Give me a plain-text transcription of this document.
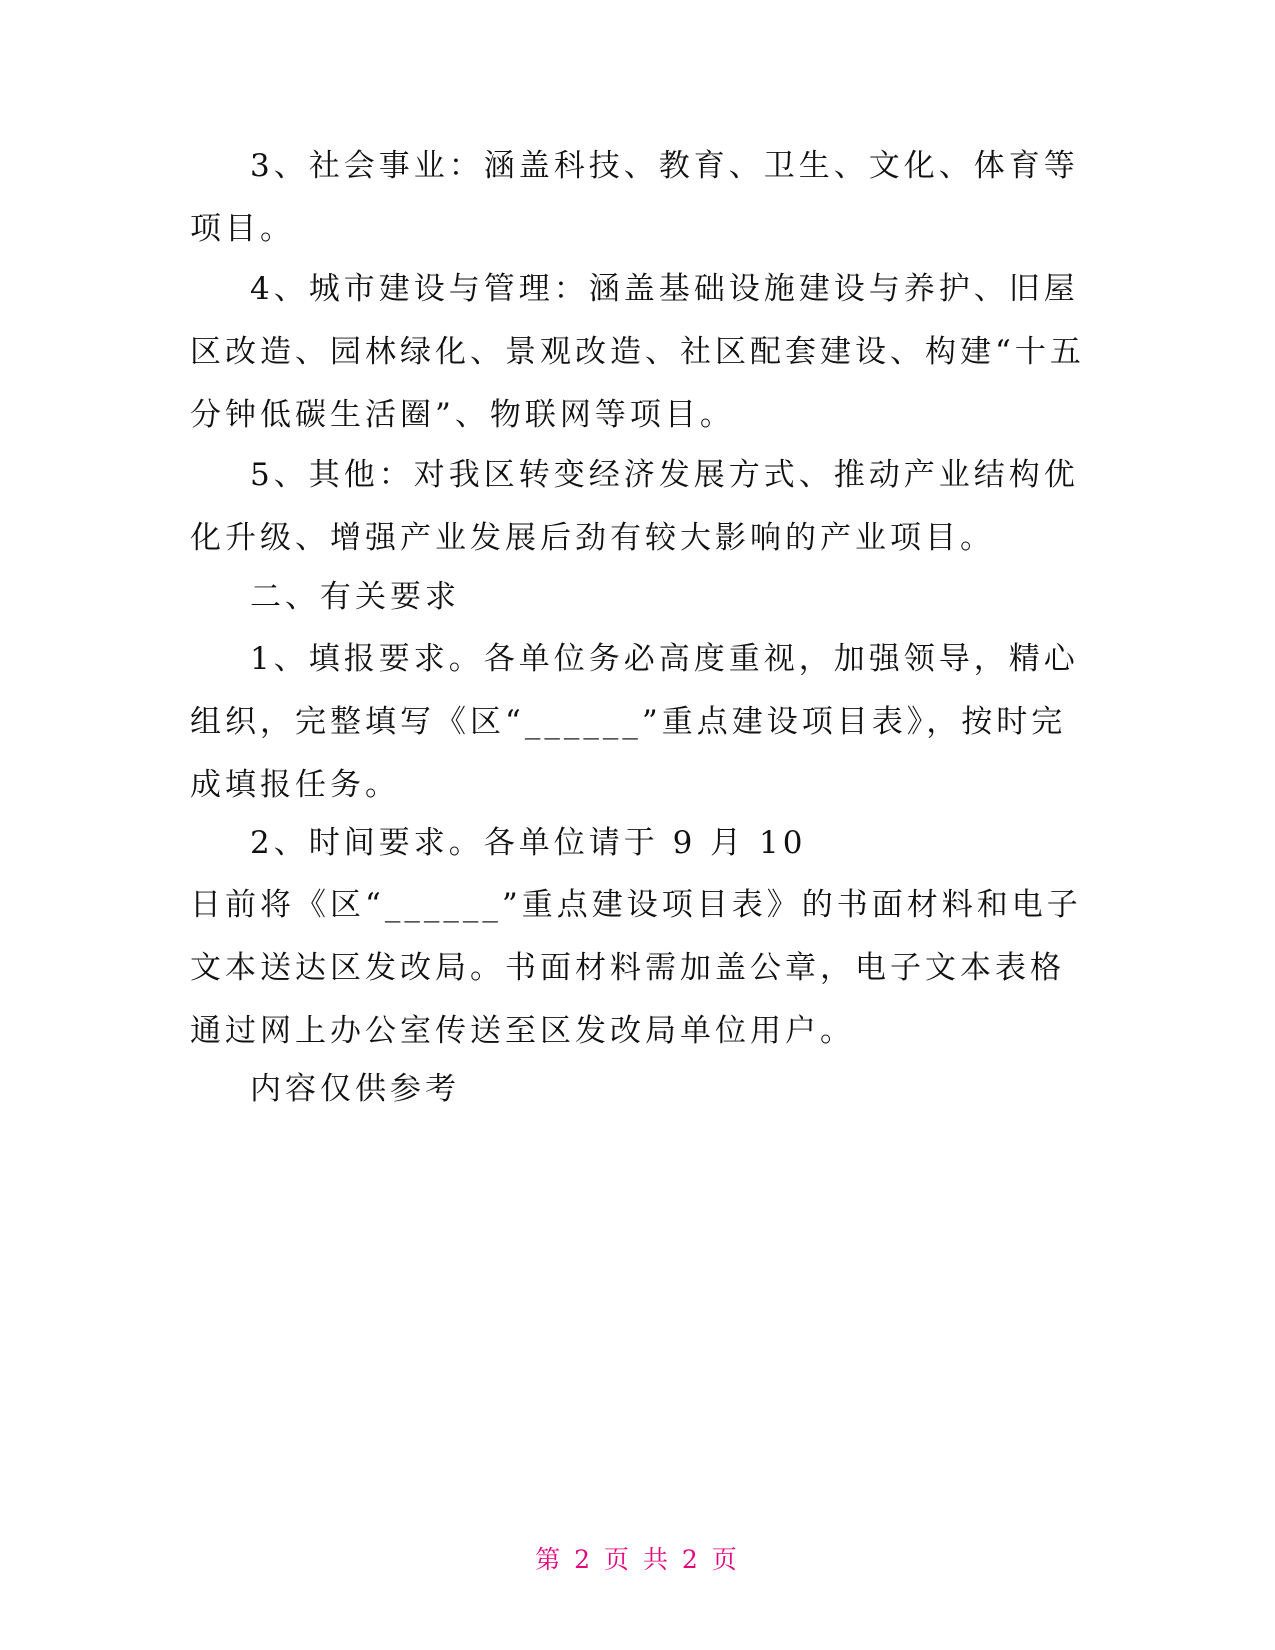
3、社会事业：涵盖科技、教育、卫生、文化、体育等项目。

4、城市建设与管理：涵盖基础设施建设与养护、旧屋区改造、园林绿化、景观改造、社区配套建设、构建“十五分钟低碳生活圈”、物联网等项目。

5、其他：对我区转变经济发展方式、推动产业结构优化升级、增强产业发展后劲有较大影响的产业项目。

二、有关要求

1、填报要求。各单位务必高度重视，加强领导，精心组织，完整填写《区“______”重点建设项目表》，按时完成填报任务。

2、时间要求。各单位请于 9 月 10

日前将《区“______”重点建设项目表》的书面材料和电子文本送达区发改局。书面材料需加盖公章，电子文本表格通过网上办公室传送至区发改局单位用户。

内容仅供参考

第 2 页 共 2 页
